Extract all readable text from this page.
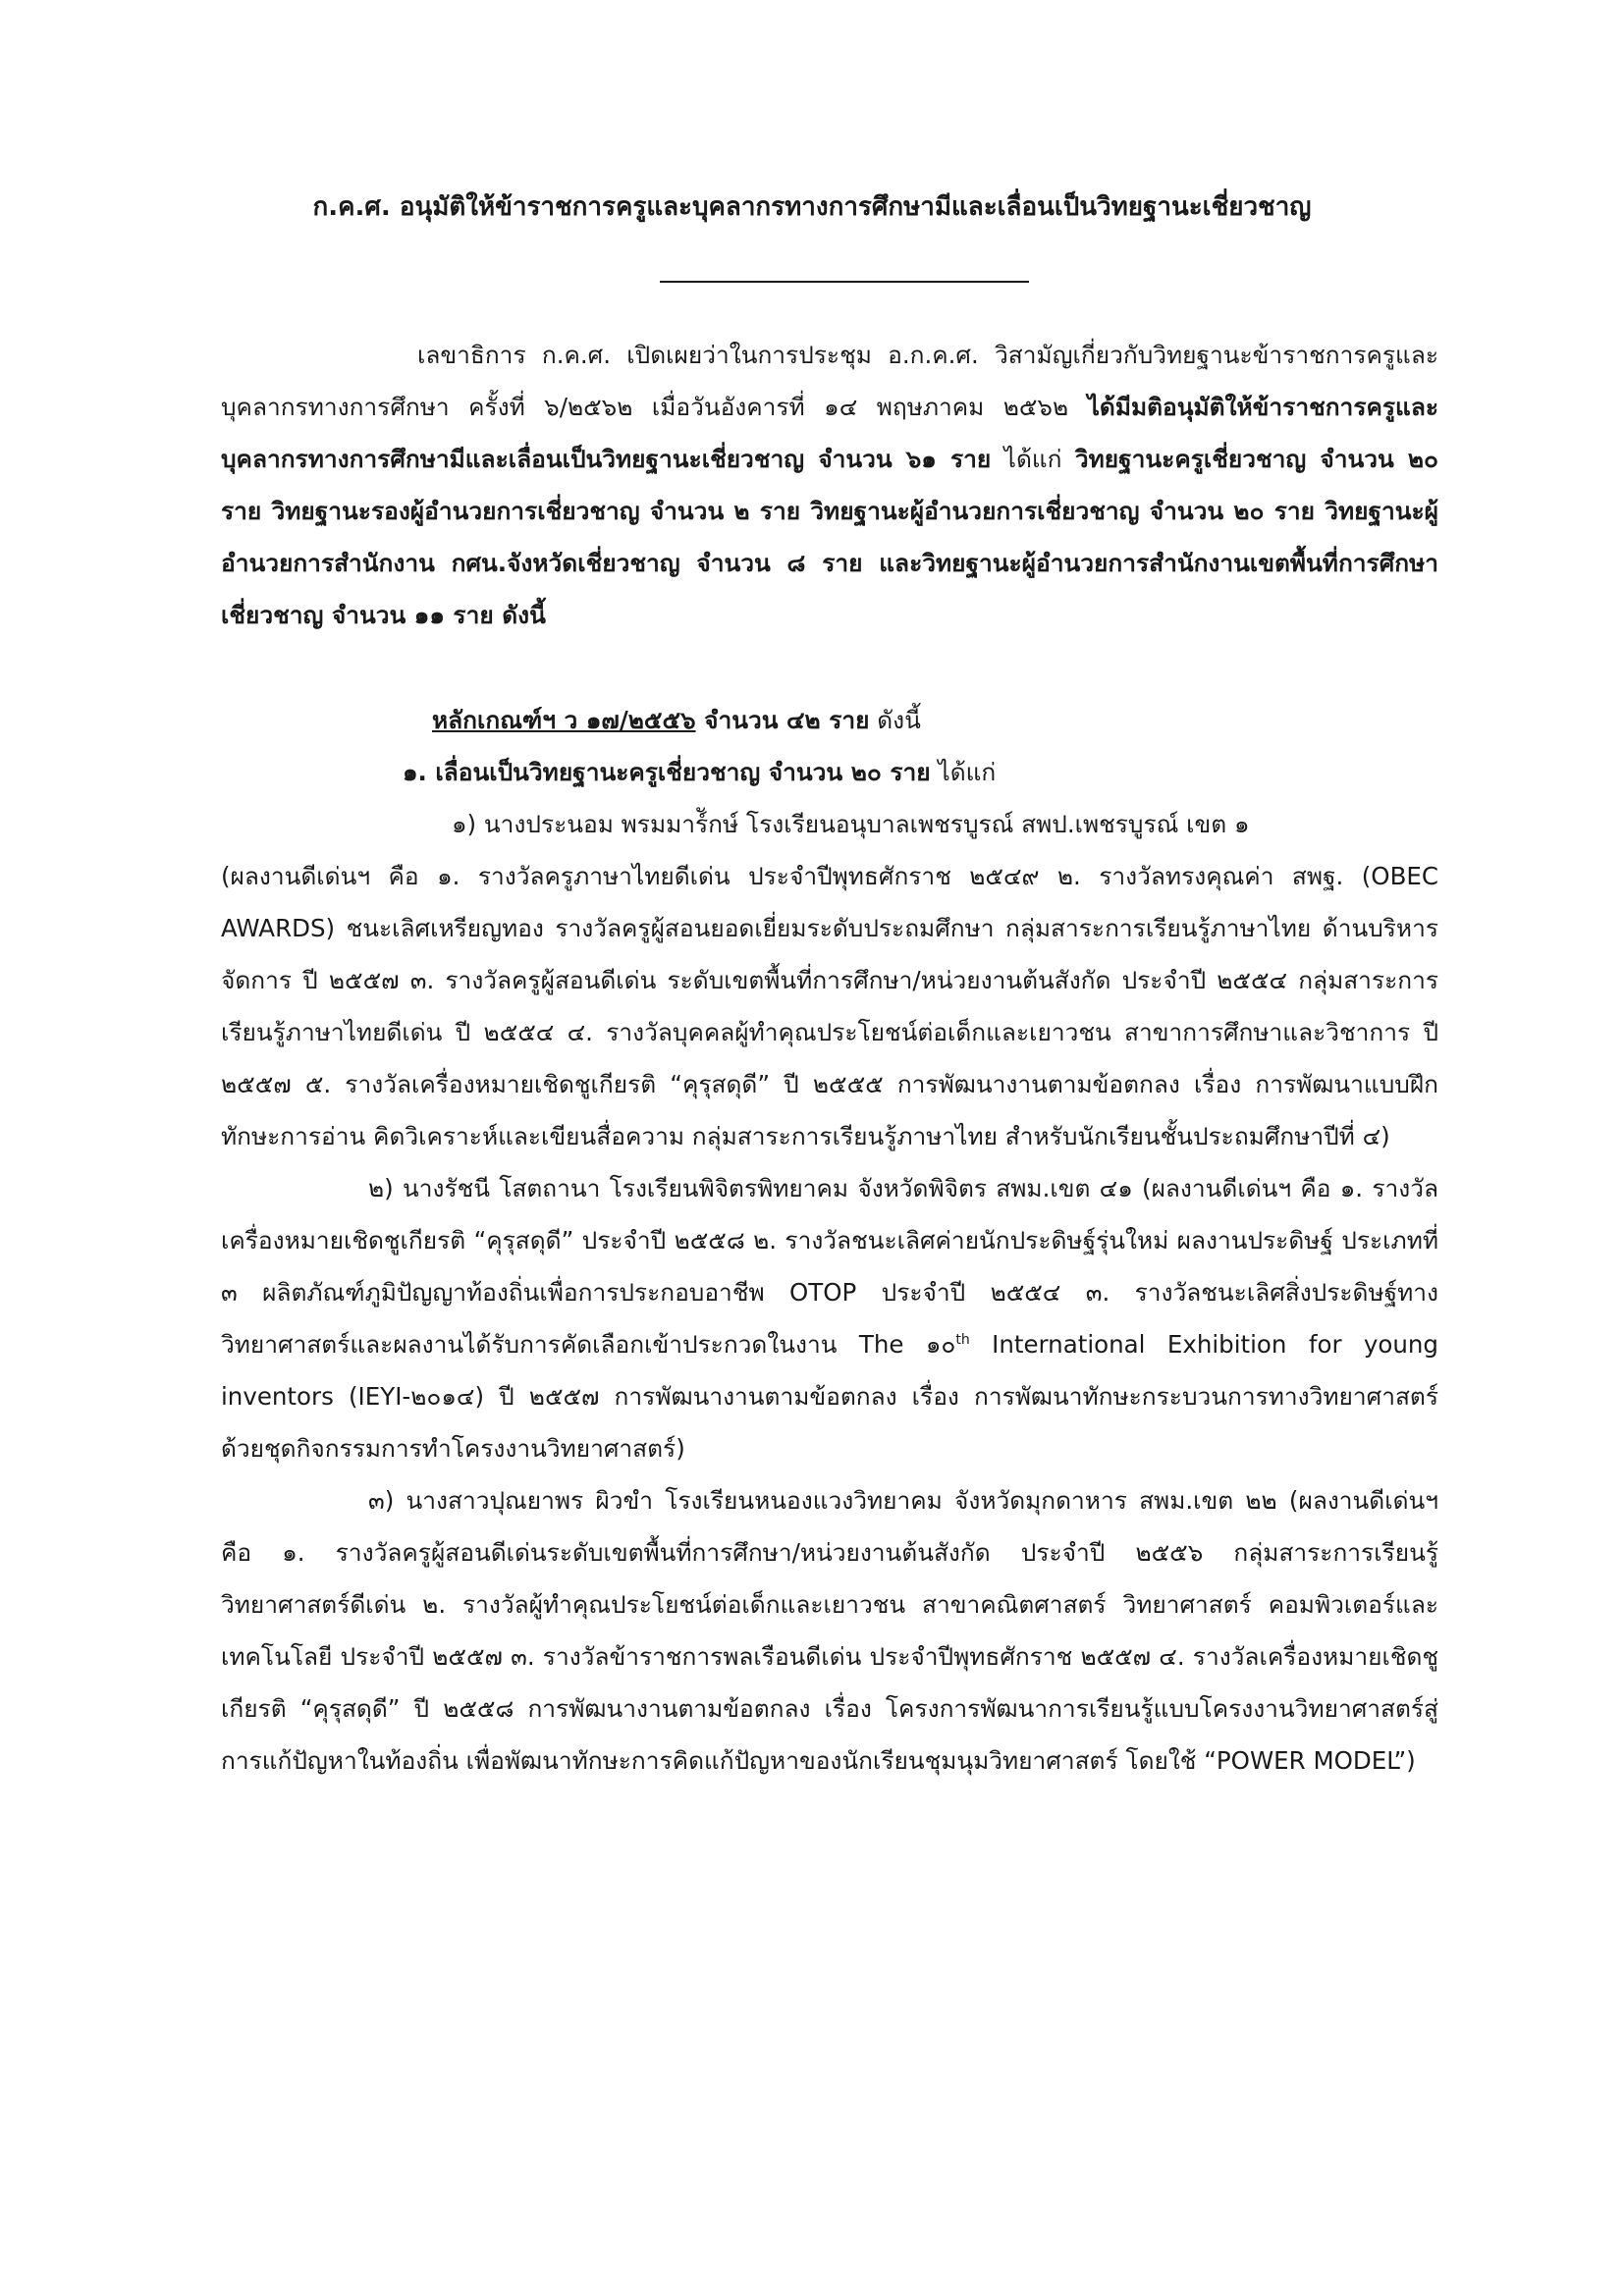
ก.ค.ศ. อนุมัติให้ข้าราชการครูและบุคลากรทางการศึกษามีและเลื่อนเป็นวิทยฐานะเชี่ยวชาญ

เลขาธิการ ก.ค.ศ. เปิดเผยว่าในการประชุม อ.ก.ค.ศ. วิสามัญเกี่ยวกับวิทยฐานะข้าราชการครูและบุคลากรทางการศึกษา ครั้งที่ ๖/๒๕๖๒ เมื่อวันอังคารที่ ๑๔ พฤษภาคม ๒๕๖๒ ได้มีมติอนุมัติให้ข้าราชการครูและบุคลากรทางการศึกษามีและเลื่อนเป็นวิทยฐานะเชี่ยวชาญ จำนวน ๖๑ ราย ได้แก่ วิทยฐานะครูเชี่ยวชาญ จำนวน ๒๐ ราย วิทยฐานะรองผู้อำนวยการเชี่ยวชาญ จำนวน ๒ ราย วิทยฐานะผู้อำนวยการเชี่ยวชาญ จำนวน ๒๐ ราย วิทยฐานะผู้อำนวยการสำนักงาน กศน.จังหวัดเชี่ยวชาญ จำนวน ๘ ราย และวิทยฐานะผู้อำนวยการสำนักงานเขตพื้นที่การศึกษาเชี่ยวชาญ จำนวน ๑๑ ราย ดังนี้

หลักเกณฑ์ฯ ว ๑๗/๒๕๕๖ จำนวน ๔๒ ราย ดังนี้

๑. เลื่อนเป็นวิทยฐานะครูเชี่ยวชาญ จำนวน ๒๐ ราย ได้แก่

๑) นางประนอม พรมมาร์ักษ์ โรงเรียนอนุบาลเพชรบูรณ์ สพป.เพชรบูรณ์ เขต ๑

(ผลงานดีเด่นฯ คือ ๑. รางวัลครูภาษาไทยดีเด่น ประจำปีพุทธศักราช ๒๕๔๙ ๒. รางวัลทรงคุณค่า สพฐ. (OBEC AWARDS) ชนะเลิศเหรียญทอง รางวัลครูผู้สอนยอดเยี่ยมระดับประถมศึกษา กลุ่มสาระการเรียนรู้ภาษาไทย ด้านบริหารจัดการ ปี ๒๕๕๗ ๓. รางวัลครูผู้สอนดีเด่น ระดับเขตพื้นที่การศึกษา/หน่วยงานต้นสังกัด ประจำปี ๒๕๕๔ กลุ่มสาระการเรียนรู้ภาษาไทยดีเด่น ปี ๒๕๕๔ ๔. รางวัลบุคคลผู้ทำคุณประโยชน์ต่อเด็กและเยาวชน สาขาการศึกษาและวิชาการ ปี ๒๕๕๗ ๕. รางวัลเครื่องหมายเชิดชูเกียรติ “คุรุสดุดี” ปี ๒๕๕๕ การพัฒนางานตามข้อตกลง เรื่อง การพัฒนาแบบฝึกทักษะการอ่าน คิดวิเคราะห์และเขียนสื่อความ กลุ่มสาระการเรียนรู้ภาษาไทย สำหรับนักเรียนชั้นประถมศึกษาปีที่ ๔)

๒) นางรัชนี โสตถานา โรงเรียนพิจิตรพิทยาคม จังหวัดพิจิตร สพม.เขต ๔๑ (ผลงานดีเด่นฯ คือ ๑. รางวัลเครื่องหมายเชิดชูเกียรติ “คุรุสดุดี” ประจำปี ๒๕๕๘ ๒. รางวัลชนะเลิศค่ายนักประดิษฐ์รุ่นใหม่ ผลงานประดิษฐ์ ประเภทที่ ๓ ผลิตภัณฑ์ภูมิปัญญาท้องถิ่นเพื่อการประกอบอาชีพ OTOP ประจำปี ๒๕๕๔ ๓. รางวัลชนะเลิศสิ่งประดิษฐ์ทางวิทยาศาสตร์และผลงานได้รับการคัดเลือกเข้าประกวดในงาน The ๑๐$^{th}$ International Exhibition for young inventors (IEYI-๒๐๑๔) ปี ๒๕๕๗ การพัฒนางานตามข้อตกลง เรื่อง การพัฒนาทักษะกระบวนการทางวิทยาศาสตร์ด้วยชุดกิจกรรมการทำโครงงานวิทยาศาสตร์)

๓) นางสาวปุณยาพร ผิวขำ โรงเรียนหนองแวงวิทยาคม จังหวัดมุกดาหาร สพม.เขต ๒๒ (ผลงานดีเด่นฯ คือ ๑. รางวัลครูผู้สอนดีเด่นระดับเขตพื้นที่การศึกษา/หน่วยงานต้นสังกัด ประจำปี ๒๕๕๖ กลุ่มสาระการเรียนรู้วิทยาศาสตร์ดีเด่น ๒. รางวัลผู้ทำคุณประโยชน์ต่อเด็กและเยาวชน สาขาคณิตศาสตร์ วิทยาศาสตร์ คอมพิวเตอร์และเทคโนโลยี ประจำปี ๒๕๕๗ ๓. รางวัลข้าราชการพลเรือนดีเด่น ประจำปีพุทธศักราช ๒๕๕๗ ๔. รางวัลเครื่องหมายเชิดชูเกียรติ “คุรุสดุดี” ปี ๒๕๕๘ การพัฒนางานตามข้อตกลง เรื่อง โครงการพัฒนาการเรียนรู้แบบโครงงานวิทยาศาสตร์สู่การแก้ปัญหาในท้องถิ่น เพื่อพัฒนาทักษะการคิดแก้ปัญหาของนักเรียนชุมนุมวิทยาศาสตร์ โดยใช้ “POWER MODEL”)
